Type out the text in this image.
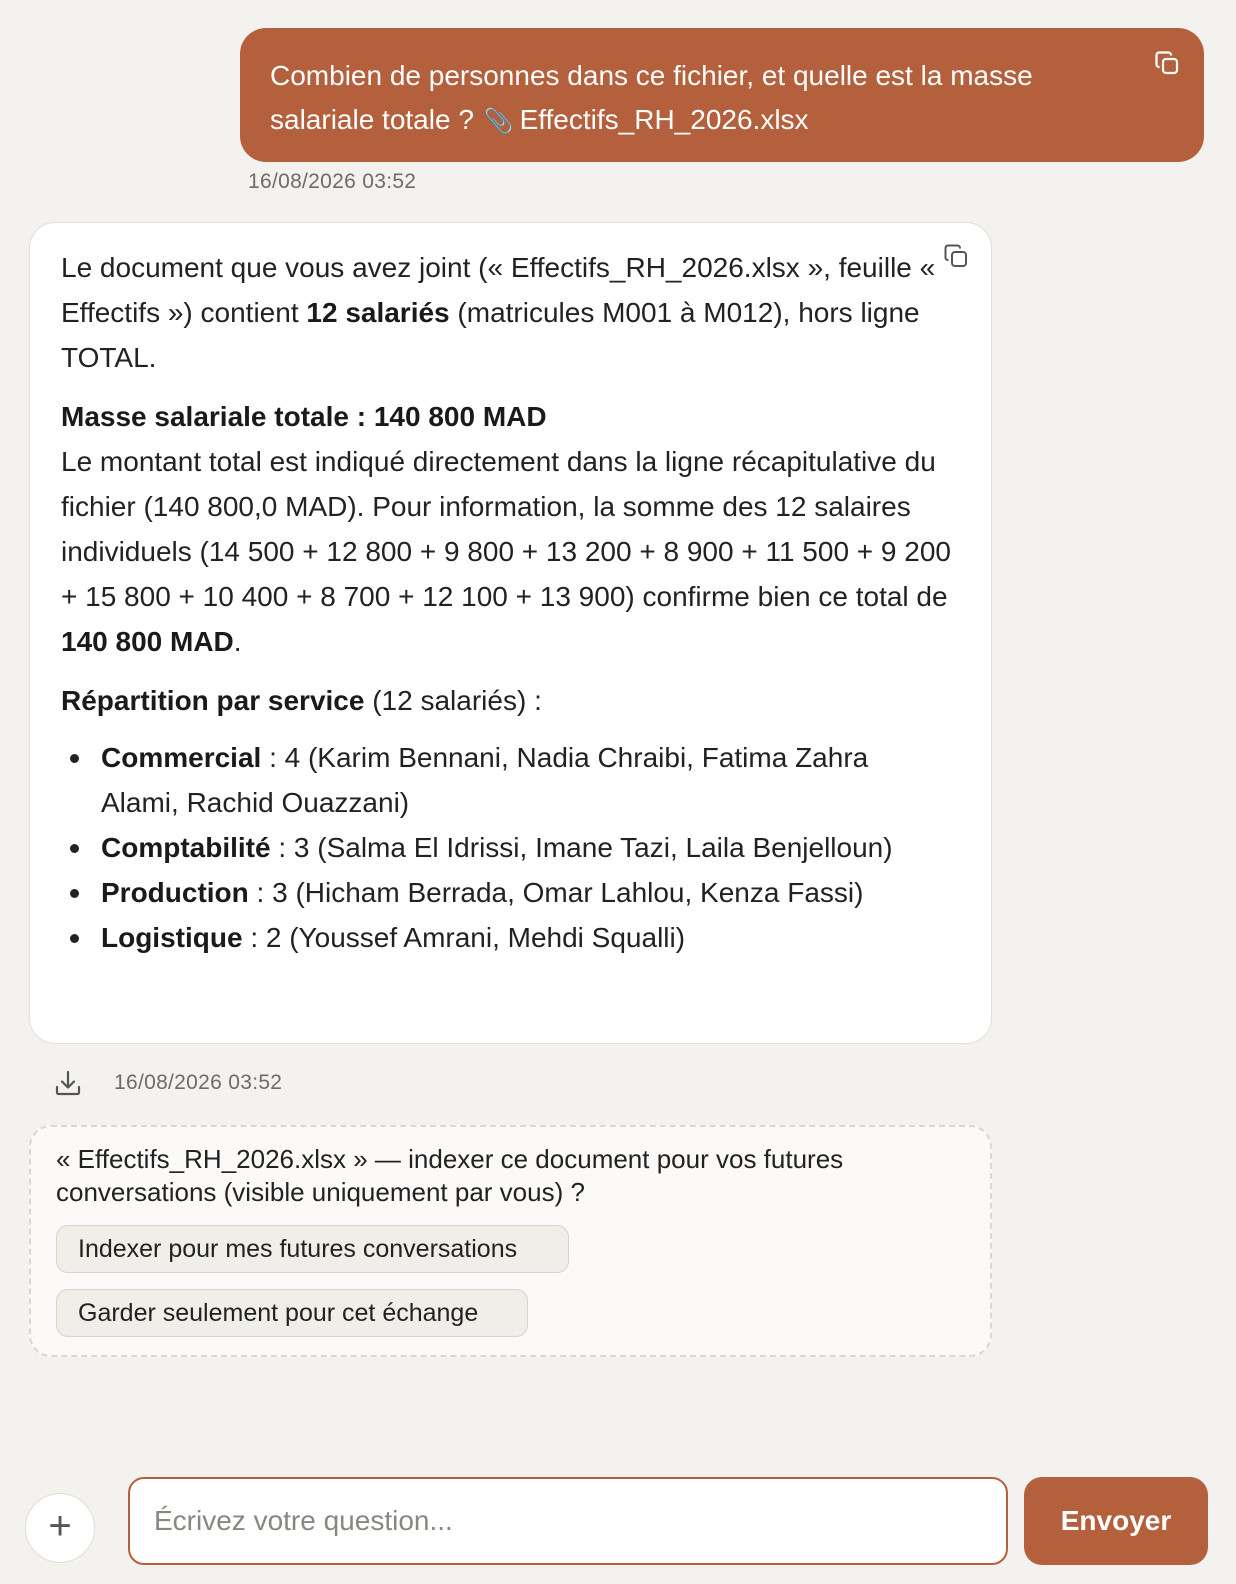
Combien de personnes dans ce fichier, et quelle est la masse salariale totale ? 📎 Effectifs_RH_2026.xlsx
16/08/2026 03:52

Le document que vous avez joint (« Effectifs_RH_2026.xlsx », feuille « Effectifs ») contient 12 salariés (matricules M001 à M012), hors ligne TOTAL.

Masse salariale totale : 140 800 MAD
Le montant total est indiqué directement dans la ligne récapitulative du fichier (140 800,0 MAD). Pour information, la somme des 12 salaires individuels (14 500 + 12 800 + 9 800 + 13 200 + 8 900 + 11 500 + 9 200 + 15 800 + 10 400 + 8 700 + 12 100 + 13 900) confirme bien ce total de 140 800 MAD.

Répartition par service (12 salariés) :

Commercial : 4 (Karim Bennani, Nadia Chraibi, Fatima Zahra Alami, Rachid Ouazzani)
Comptabilité : 3 (Salma El Idrissi, Imane Tazi, Laila Benjelloun)
Production : 3 (Hicham Berrada, Omar Lahlou, Kenza Fassi)
Logistique : 2 (Youssef Amrani, Mehdi Squalli)
16/08/2026 03:52
« Effectifs_RH_2026.xlsx » — indexer ce document pour vos futures conversations (visible uniquement par vous) ?
Indexer pour mes futures conversations
Garder seulement pour cet échange
+
Écrivez votre question...	Envoyer
